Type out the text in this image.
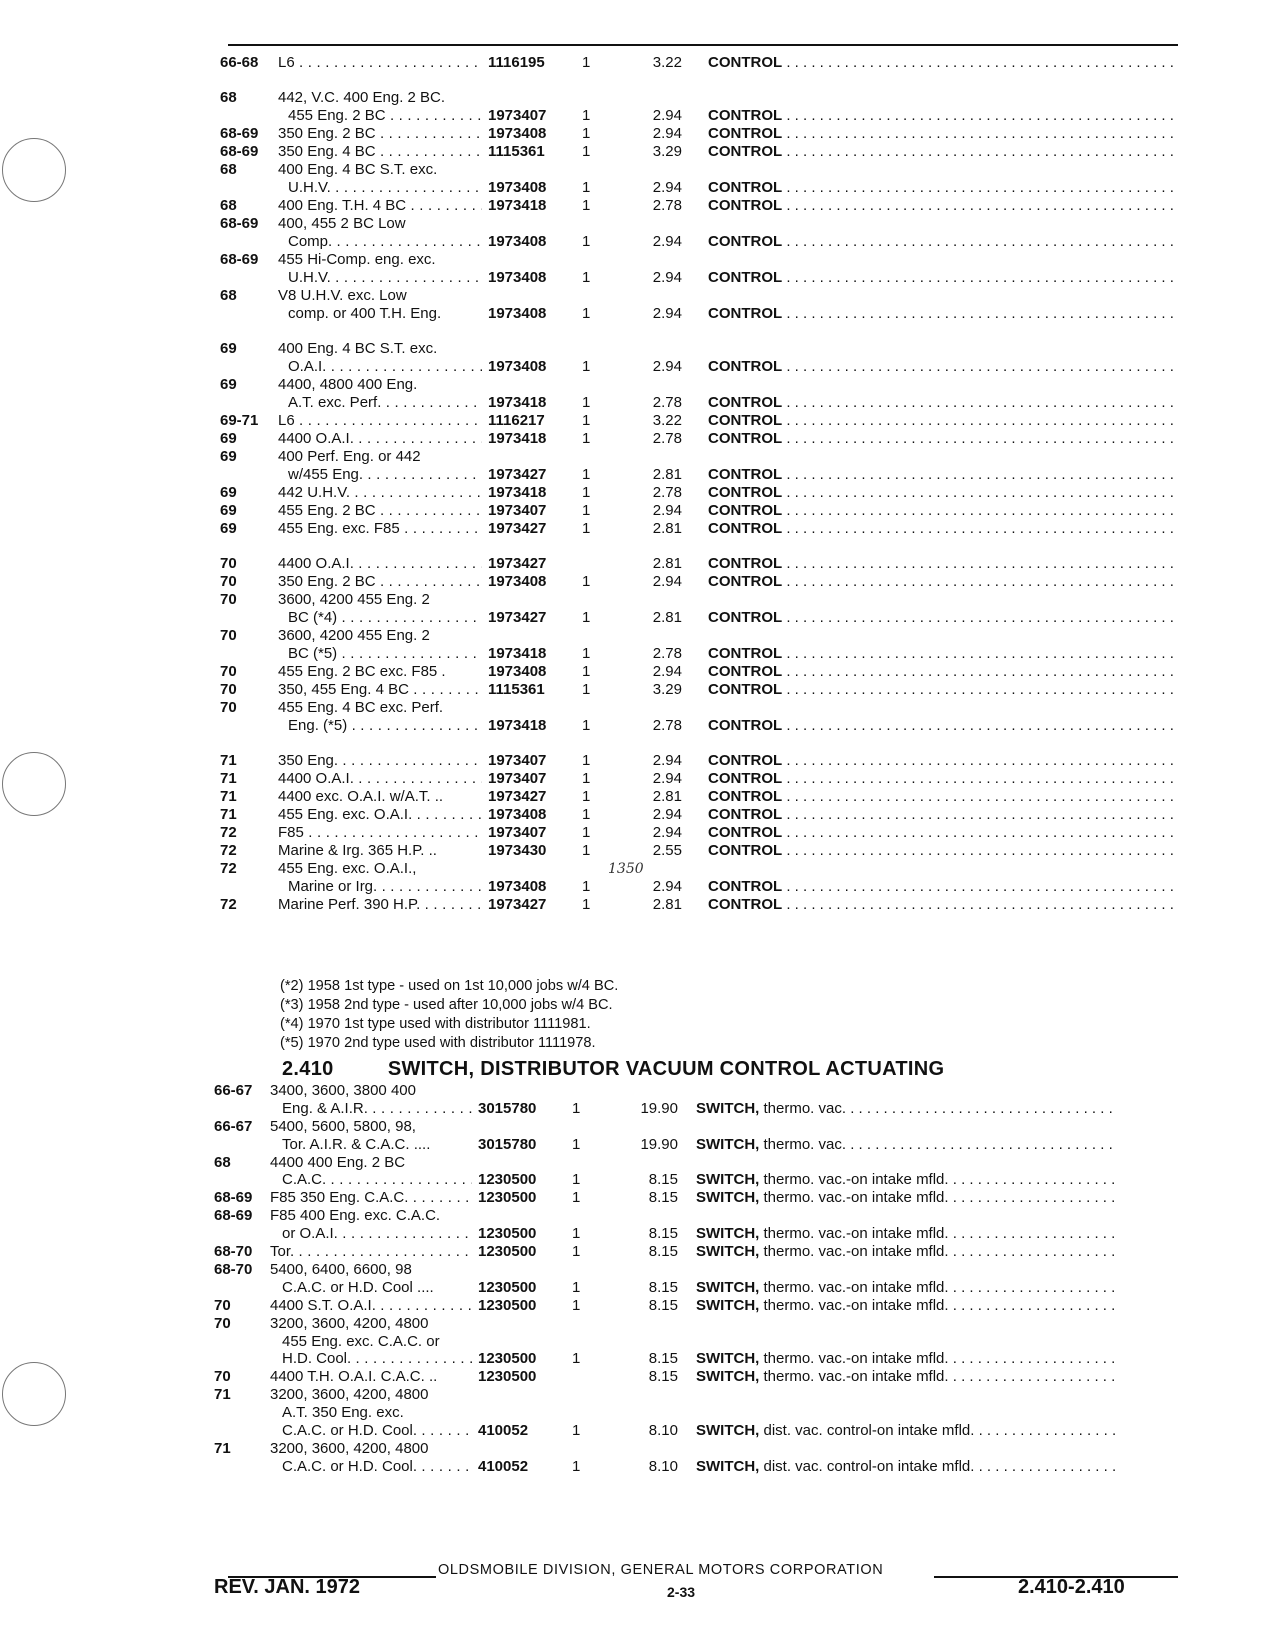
66-68	L6 . . .	1116195 1	3.22 CONTROL . . .
68	442, V.C. 400 Eng. 2 BC.
455 Eng. 2 BC . . .	1973407 1	2.94 CONTROL . . .
68-69	350 Eng. 2 BC . . .	1973408 1	2.94 CONTROL . . .
68-69	350 Eng. 4 BC . . .	1115361 1	3.29 CONTROL . . .
68	400 Eng. 4 BC S.T. exc.
U.H.V. . . .	1973408 1	2.94 CONTROL . . .
68	400 Eng. T.H. 4 BC . . .	1973418 1	2.78 CONTROL . . .
68-69	400, 455 2 BC Low
Comp. . . .	1973408 1	2.94 CONTROL . . .
68-69	455 Hi-Comp. eng. exc.
U.H.V. . . .	1973408 1	2.94 CONTROL . . .
68	V8 U.H.V. exc. Low
comp. or 400 T.H. Eng.	1973408 1	2.94 CONTROL . . .
69	400 Eng. 4 BC S.T. exc.
O.A.I. . . .	1973408 1	2.94 CONTROL . . .
69	4400, 4800 400 Eng.
A.T. exc. Perf. . . .	1973418 1	2.78 CONTROL . . .
69-71	L6 . . .	1116217 1	3.22 CONTROL . . .
69	4400 O.A.I. . . .	1973418 1	2.78 CONTROL . . .
69	400 Perf. Eng. or 442
w/455 Eng. . . .	1973427 1	2.81 CONTROL . . .
69	442 U.H.V. . . .	1973418 1	2.78 CONTROL . . .
69	455 Eng. 2 BC . . .	1973407 1	2.94 CONTROL . . .
69	455 Eng. exc. F85 . . .	1973427 1	2.81 CONTROL . . .
70	4400 O.A.I. . . .	1973427	2.81 CONTROL . . .
70	350 Eng. 2 BC . . .	1973408 1	2.94 CONTROL . . .
70	3600, 4200 455 Eng. 2
BC (*4) . . .	1973427 1	2.81 CONTROL . . .
70	3600, 4200 455 Eng. 2
BC (*5) . . .	1973418 1	2.78 CONTROL . . .
70	455 Eng. 2 BC exc. F85 .	1973408 1	2.94 CONTROL . . .
70	350, 455 Eng. 4 BC . . .	1115361 1	3.29 CONTROL . . .
70	455 Eng. 4 BC exc. Perf.
Eng. (*5) . . .	1973418 1	2.78 CONTROL . . .
71	350 Eng. . . .	1973407 1	2.94 CONTROL . . .
71	4400 O.A.I. . . .	1973407 1	2.94 CONTROL . . .
71	4400 exc. O.A.I. w/A.T. ..	1973427 1	2.81 CONTROL . . .
71	455 Eng. exc. O.A.I. . . .	1973408 1	2.94 CONTROL . . .
72	F85 . . .	1973407 1	2.94 CONTROL . . .
72	Marine & Irg. 365 H.P. ..	1973430 1	2.55 CONTROL . . .
72	455 Eng. exc. O.A.I.,
Marine or Irg. . . .	1973408 1	2.94 CONTROL . . .
72	Marine Perf. 390 H.P. . . .	1973427 1	2.81 CONTROL . . .
(*2) 1958 1st type - used on 1st 10,000 jobs w/4 BC.
(*3) 1958 2nd type - used after 10,000 jobs w/4 BC.
(*4) 1970 1st type used with distributor 1111981.
(*5) 1970 2nd type used with distributor 1111978.
2.410	SWITCH, DISTRIBUTOR VACUUM CONTROL ACTUATING
66-67	3400, 3600, 3800 400
Eng. & A.I.R. . . .	3015780 1	19.90 SWITCH, thermo. vac. . . .
66-67	5400, 5600, 5800, 98,
Tor. A.I.R. & C.A.C. ....	3015780 1	19.90 SWITCH, thermo. vac. . . .
68	4400 400 Eng. 2 BC
C.A.C. . . .	1230500 1	8.15 SWITCH, thermo. vac.-on intake mfld. . . .
68-69	F85 350 Eng. C.A.C. . . .	1230500 1	8.15 SWITCH, thermo. vac.-on intake mfld. . . .
68-69	F85 400 Eng. exc. C.A.C.
or O.A.I. . . .	1230500 1	8.15 SWITCH, thermo. vac.-on intake mfld. . . .
68-70	Tor. . . .	1230500 1	8.15 SWITCH, thermo. vac.-on intake mfld. . . .
68-70	5400, 6400, 6600, 98
C.A.C. or H.D. Cool ....	1230500 1	8.15 SWITCH, thermo. vac.-on intake mfld. . . .
70	4400 S.T. O.A.I. . . .	1230500 1	8.15 SWITCH, thermo. vac.-on intake mfld. . . .
70	3200, 3600, 4200, 4800
455 Eng. exc. C.A.C. or
H.D. Cool. . . .	1230500 1	8.15 SWITCH, thermo. vac.-on intake mfld. . . .
70	4400 T.H. O.A.I. C.A.C. ..	1230500	8.15 SWITCH, thermo. vac.-on intake mfld. . . .
71	3200, 3600, 4200, 4800
A.T. 350 Eng. exc.
C.A.C. or H.D. Cool. . . .	410052	1	8.10 SWITCH, dist. vac. control-on intake mfld. . . .
71	3200, 3600, 4200, 4800
C.A.C. or H.D. Cool. . . .	410052	1	8.10 SWITCH, dist. vac. control-on intake mfld. . . .
OLDSMOBILE DIVISION, GENERAL MOTORS CORPORATION
REV. JAN. 1972	2-33	2.410-2.410
1350
